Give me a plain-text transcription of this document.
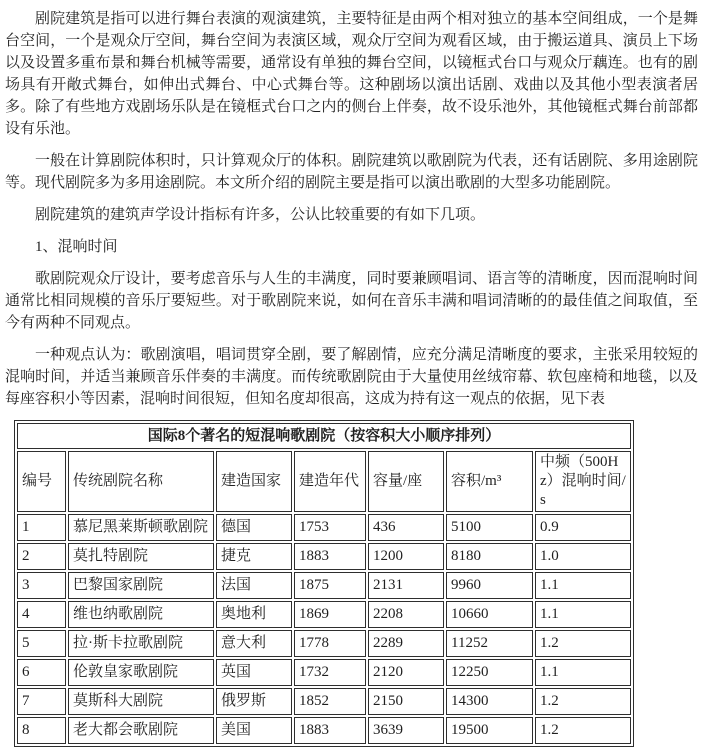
剧院建筑是指可以进行舞台表演的观演建筑，主要特征是由两个相对独立的基本空间组成，一个是舞台空间，一个是观众厅空间，舞台空间为表演区域，观众厅空间为观看区域，由于搬运道具、演员上下场以及设置多重布景和舞台机械等需要，通常设有单独的舞台空间，以镜框式台口与观众厅藕连。也有的剧场具有开敞式舞台，如伸出式舞台、中心式舞台等。这种剧场以演出话剧、戏曲以及其他小型表演者居多。除了有些地方戏剧场乐队是在镜框式台口之内的侧台上伴奏，故不设乐池外，其他镜框式舞台前部都设有乐池。

一般在计算剧院体积时，只计算观众厅的体积。剧院建筑以歌剧院为代表，还有话剧院、多用途剧院等。现代剧院多为多用途剧院。本文所介绍的剧院主要是指可以演出歌剧的大型多功能剧院。

剧院建筑的建筑声学设计指标有许多，公认比较重要的有如下几项。

1、混响时间

歌剧院观众厅设计，要考虑音乐与人生的丰满度，同时要兼顾唱词、语言等的清晰度，因而混响时间通常比相同规模的音乐厅要短些。对于歌剧院来说，如何在音乐丰满和唱词清晰的的最佳值之间取值，至今有两种不同观点。

一种观点认为：歌剧演唱，唱词贯穿全剧，要了解剧情，应充分满足清晰度的要求，主张采用较短的混响时间，并适当兼顾音乐伴奏的丰满度。而传统歌剧院由于大量使用丝绒帘幕、软包座椅和地毯，以及每座容积小等因素，混响时间很短，但知名度却很高，这成为持有这一观点的依据，见下表

国际8个著名的短混响歌剧院（按容积大小顺序排列）						
编号	传统剧院名称	建造国家	建造年代	容量/座	容积/m³	中频（500Hz）混响时间/s
1	慕尼黑莱斯顿歌剧院	德国	1753	436	5100	0.9
2	莫扎特剧院	捷克	1883	1200	8180	1.0
3	巴黎国家剧院	法国	1875	2131	9960	1.1
4	维也纳歌剧院	奥地利	1869	2208	10660	1.1
5	拉·斯卡拉歌剧院	意大利	1778	2289	11252	1.2
6	伦敦皇家歌剧院	英国	1732	2120	12250	1.1
7	莫斯科大剧院	俄罗斯	1852	2150	14300	1.2
8	老大都会歌剧院	美国	1883	3639	19500	1.2
